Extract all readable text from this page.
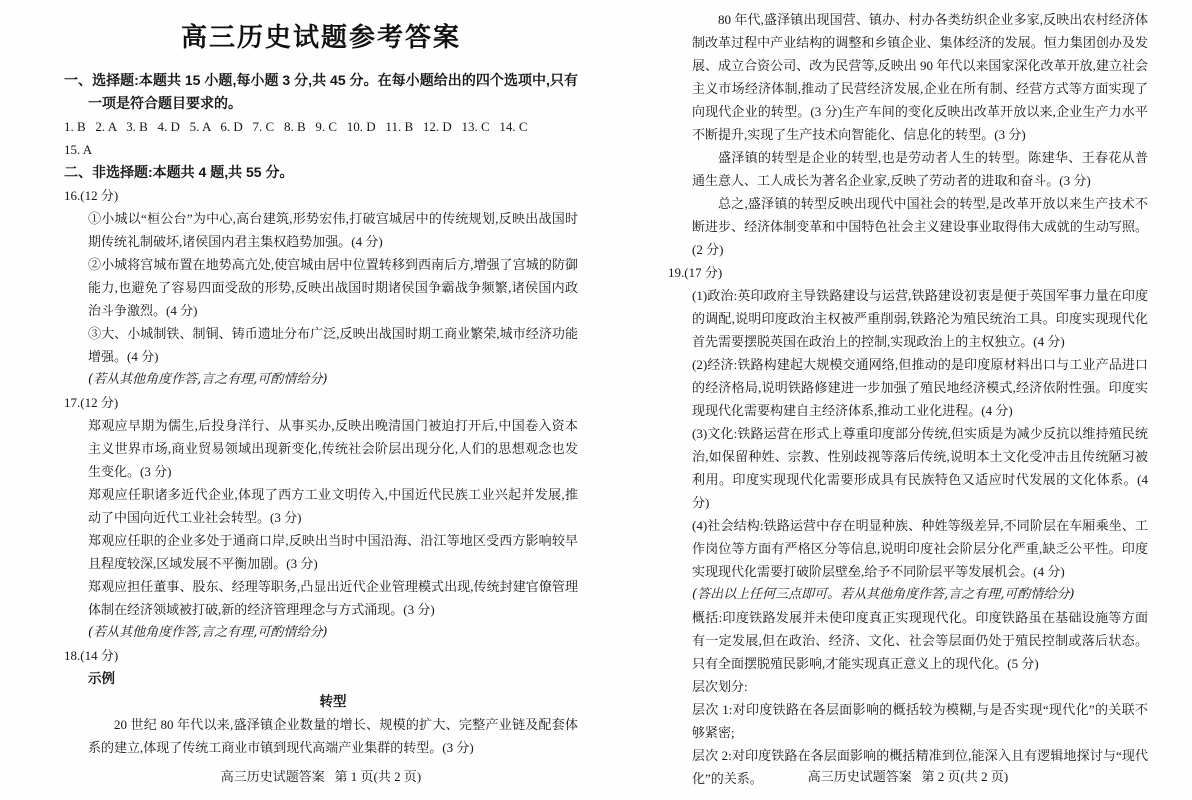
高三历史试题参考答案

一、选择题:本题共 15 小题,每小题 3 分,共 45 分。在每小题给出的四个选项中,只有一项是符合题目要求的。

1. B   2. A   3. B   4. D   5. A   6. D   7. C   8. B   9. C   10. D   11. B   12. D   13. C   14. C

15. A

二、非选择题:本题共 4 题,共 55 分。

16.(12 分)

①小城以“桓公台”为中心,高台建筑,形势宏伟,打破宫城居中的传统规划,反映出战国时期传统礼制破坏,诸侯国内君主集权趋势加强。(4 分)

②小城将宫城布置在地势高亢处,使宫城由居中位置转移到西南后方,增强了宫城的防御能力,也避免了容易四面受敌的形势,反映出战国时期诸侯国争霸战争频繁,诸侯国内政治斗争激烈。(4 分)

③大、小城制铁、制铜、铸币遗址分布广泛,反映出战国时期工商业繁荣,城市经济功能增强。(4 分)

(若从其他角度作答,言之有理,可酌情给分)

17.(12 分)

郑观应早期为儒生,后投身洋行、从事买办,反映出晚清国门被迫打开后,中国卷入资本主义世界市场,商业贸易领域出现新变化,传统社会阶层出现分化,人们的思想观念也发生变化。(3 分)

郑观应任职诸多近代企业,体现了西方工业文明传入,中国近代民族工业兴起并发展,推动了中国向近代工业社会转型。(3 分)

郑观应任职的企业多处于通商口岸,反映出当时中国沿海、沿江等地区受西方影响较早且程度较深,区域发展不平衡加剧。(3 分)

郑观应担任董事、股东、经理等职务,凸显出近代企业管理模式出现,传统封建官僚管理体制在经济领域被打破,新的经济管理理念与方式涌现。(3 分)

(若从其他角度作答,言之有理,可酌情给分)

18.(14 分)

示例

转型

20 世纪 80 年代以来,盛泽镇企业数量的增长、规模的扩大、完整产业链及配套体系的建立,体现了传统工商业市镇到现代高端产业集群的转型。(3 分)

高三历史试题答案   第 1 页(共 2 页)

80 年代,盛泽镇出现国营、镇办、村办各类纺织企业多家,反映出农村经济体制改革过程中产业结构的调整和乡镇企业、集体经济的发展。恒力集团创办及发展、成立合资公司、改为民营等,反映出 90 年代以来国家深化改革开放,建立社会主义市场经济体制,推动了民营经济发展,企业在所有制、经营方式等方面实现了向现代企业的转型。(3 分)生产车间的变化反映出改革开放以来,企业生产力水平不断提升,实现了生产技术向智能化、信息化的转型。(3 分)

盛泽镇的转型是企业的转型,也是劳动者人生的转型。陈建华、王春花从普通生意人、工人成长为著名企业家,反映了劳动者的进取和奋斗。(3 分)

总之,盛泽镇的转型反映出现代中国社会的转型,是改革开放以来生产技术不断进步、经济体制变革和中国特色社会主义建设事业取得伟大成就的生动写照。(2 分)

19.(17 分)

(1)政治:英印政府主导铁路建设与运营,铁路建设初衷是便于英国军事力量在印度的调配,说明印度政治主权被严重削弱,铁路沦为殖民统治工具。印度实现现代化首先需要摆脱英国在政治上的控制,实现政治上的主权独立。(4 分)

(2)经济:铁路构建起大规模交通网络,但推动的是印度原材料出口与工业产品进口的经济格局,说明铁路修建进一步加强了殖民地经济模式,经济依附性强。印度实现现代化需要构建自主经济体系,推动工业化进程。(4 分)

(3)文化:铁路运营在形式上尊重印度部分传统,但实质是为减少反抗以维持殖民统治,如保留种姓、宗教、性别歧视等落后传统,说明本土文化受冲击且传统陋习被利用。印度实现现代化需要形成具有民族特色又适应时代发展的文化体系。(4 分)

(4)社会结构:铁路运营中存在明显种族、种姓等级差异,不同阶层在车厢乘坐、工作岗位等方面有严格区分等信息,说明印度社会阶层分化严重,缺乏公平性。印度实现现代化需要打破阶层壁垒,给予不同阶层平等发展机会。(4 分)

(答出以上任何三点即可。若从其他角度作答,言之有理,可酌情给分)

概括:印度铁路发展并未使印度真正实现现代化。印度铁路虽在基础设施等方面有一定发展,但在政治、经济、文化、社会等层面仍处于殖民控制或落后状态。只有全面摆脱殖民影响,才能实现真正意义上的现代化。(5 分)

层次划分:

层次 1:对印度铁路在各层面影响的概括较为模糊,与是否实现“现代化”的关联不够紧密;

层次 2:对印度铁路在各层面影响的概括精准到位,能深入且有逻辑地探讨与“现代化”的关系。	高三历史试题答案   第 2 页(共 2 页)
